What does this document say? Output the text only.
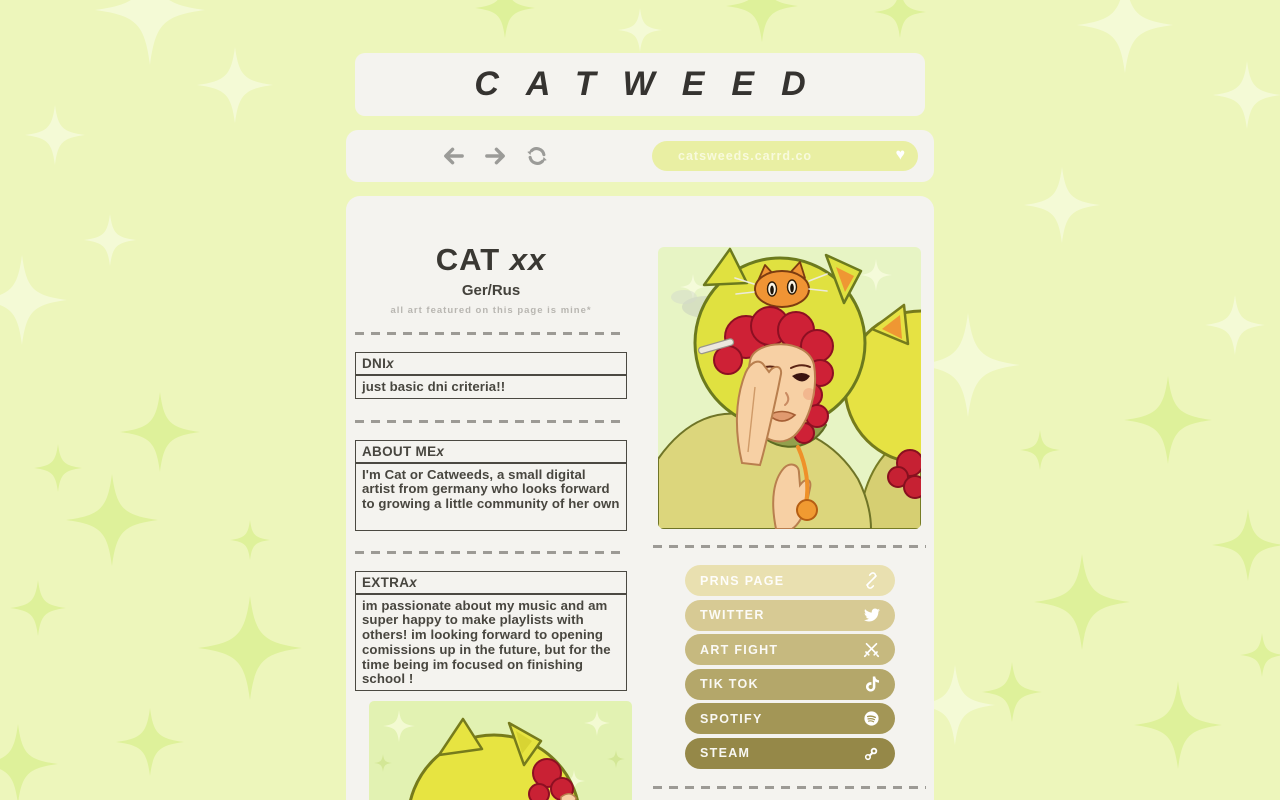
CATWEED
catsweeds.carrd.co	♥
CAT xx
Ger/Rus
all art featured on this page is mine*
DNIx
just basic dni criteria!!
ABOUT MEx
I'm Cat or Catweeds, a small digital artist from germany who looks forward to growing a little community of her own
EXTRAx
im passionate about my music and am super happy to make playlists with others! im looking forward to opening comissions up in the future, but for the time being im focused on finishing school !
PRNS PAGE
TWITTER
ART FIGHT
TIK TOK
SPOTIFY
STEAM
